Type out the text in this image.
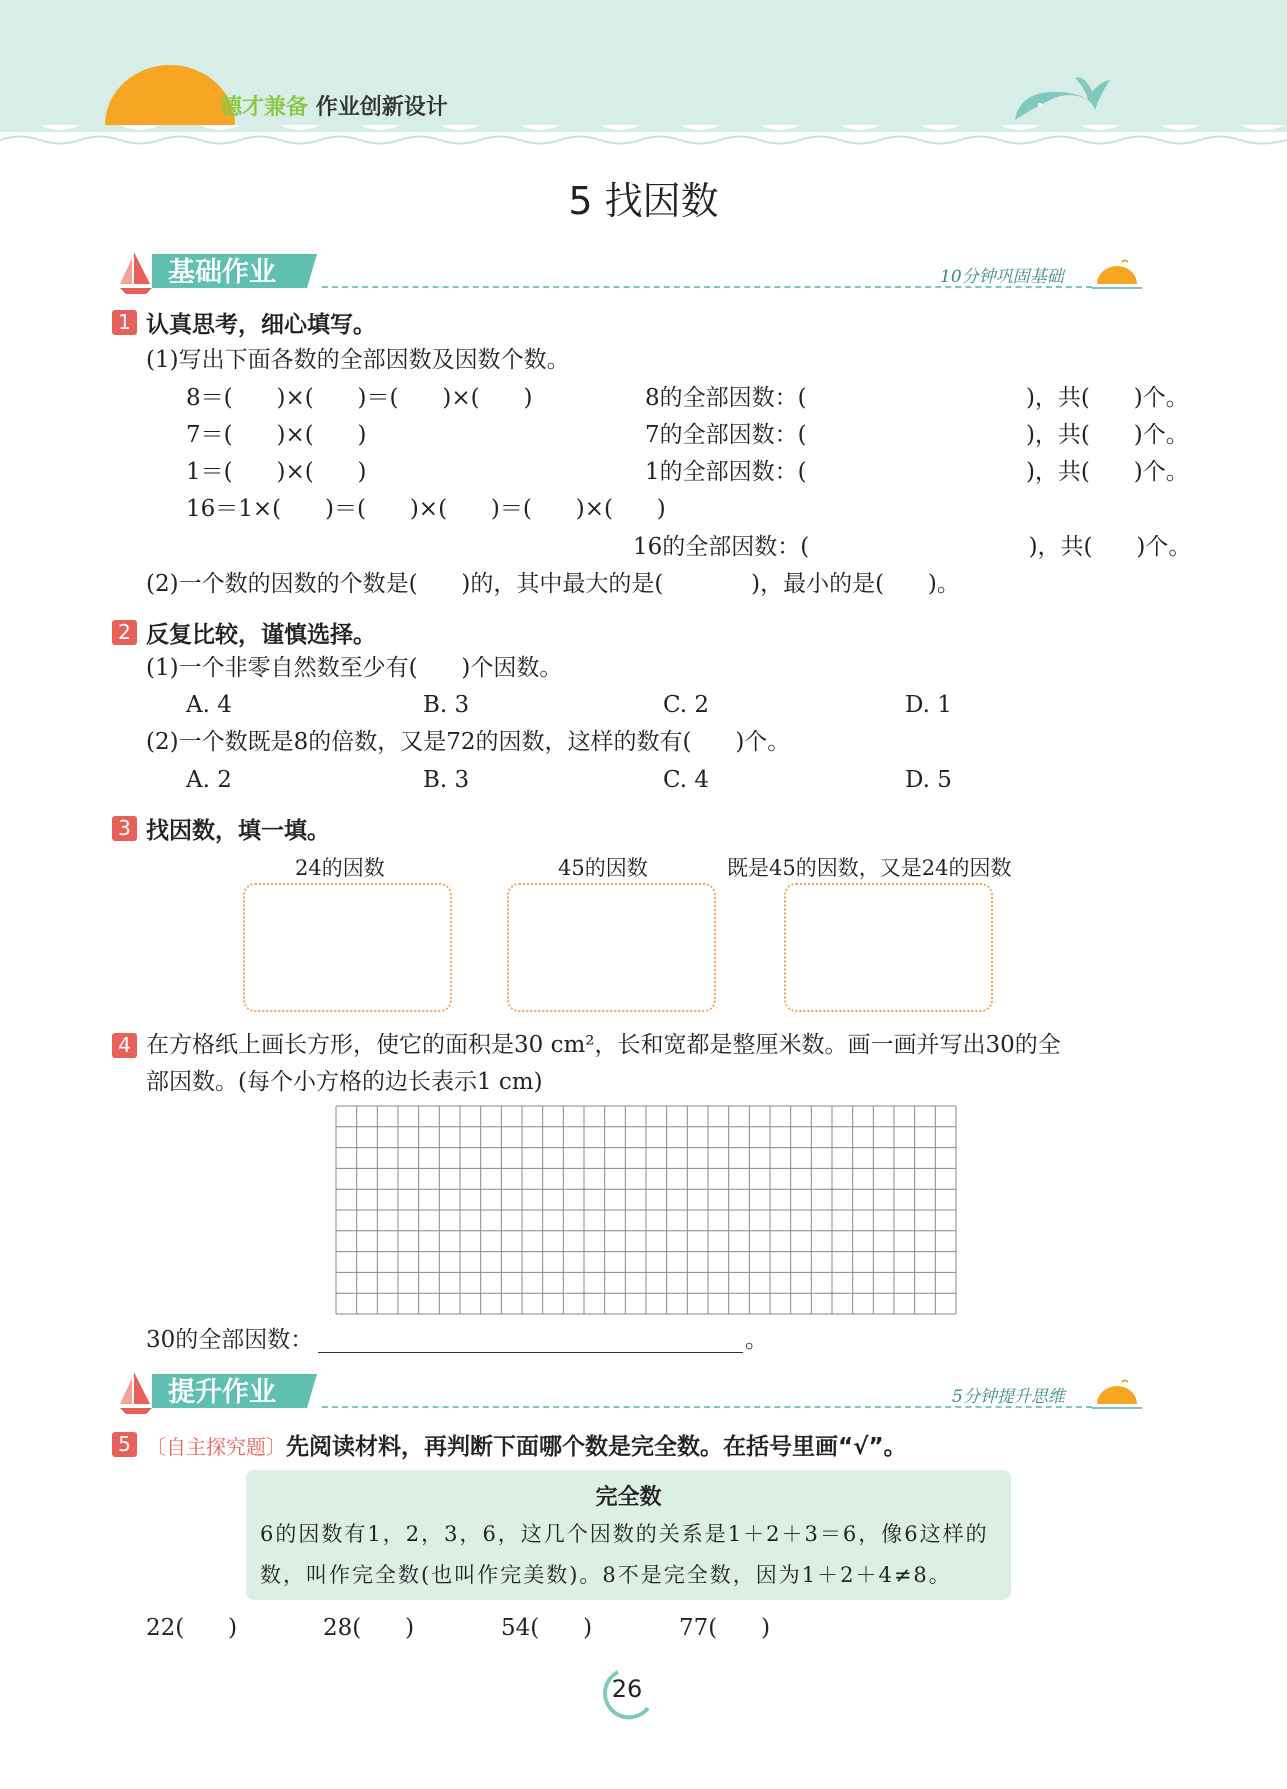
德才兼备 作业创新设计
5 找因数
基础作业	10分钟巩固基础
1 认真思考，细心填写。
(1)写出下面各数的全部因数及因数个数。
8＝(      )×(      )＝(      )×(      )	8的全部因数：(                              )，共(      )个。
7＝(      )×(      )	7的全部因数：(                              )，共(      )个。
1＝(      )×(      )	1的全部因数：(                              )，共(      )个。
16＝1×(      )＝(      )×(      )＝(      )×(      )
16的全部因数：(                              )，共(      )个。
(2)一个数的因数的个数是(      )的，其中最大的是(            )，最小的是(      )。
2 反复比较，谨慎选择。
(1)一个非零自然数至少有(      )个因数。
A. 4	B. 3	C. 2	D. 1
(2)一个数既是8的倍数，又是72的因数，这样的数有(      )个。
A. 2	B. 3	C. 4	D. 5
3 找因数，填一填。
24的因数	45的因数	既是45的因数，又是24的因数
4 在方格纸上画长方形，使它的面积是30 cm²，长和宽都是整厘米数。画一画并写出30的全
部因数。(每个小方格的边长表示1 cm)
30的全部因数：	。
提升作业	5分钟提升思维
5 〔自主探究题〕先阅读材料，再判断下面哪个数是完全数。在括号里画“√”。
完全数
6的因数有1，2，3，6，这几个因数的关系是1＋2＋3＝6，像6这样的
数，叫作完全数(也叫作完美数)。8不是完全数，因为1＋2＋4≠8。
22(      )	28(      )	54(      )	77(      )
26
